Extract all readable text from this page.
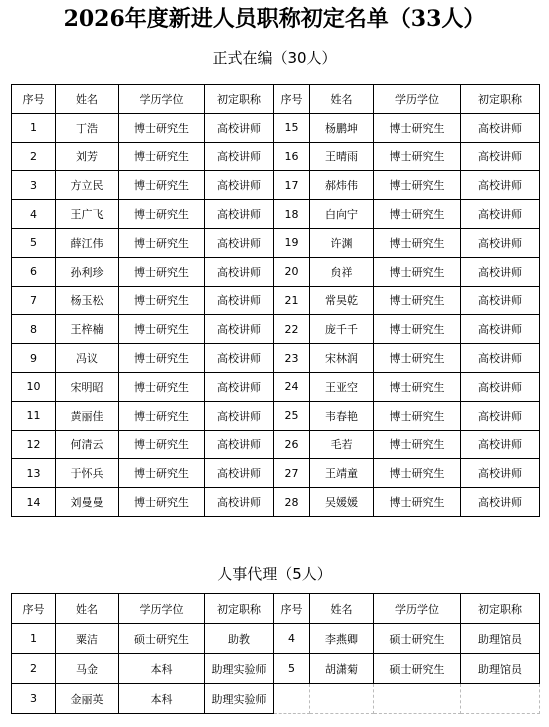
2026年度新进人员职称初定名单（33人）
正式在编（30人）
序号	姓名	学历学位	初定职称	序号	姓名	学历学位	初定职称
1	丁浩	博士研究生	高校讲师	15	杨鹏坤	博士研究生	高校讲师
2	刘芳	博士研究生	高校讲师	16	王晴雨	博士研究生	高校讲师
3	方立民	博士研究生	高校讲师	17	郝炜伟	博士研究生	高校讲师
4	王广飞	博士研究生	高校讲师	18	白向宁	博士研究生	高校讲师
5	薛江伟	博士研究生	高校讲师	19	许渊	博士研究生	高校讲师
6	孙利珍	博士研究生	高校讲师	20	贠祥	博士研究生	高校讲师
7	杨玉松	博士研究生	高校讲师	21	常昊乾	博士研究生	高校讲师
8	王梓楠	博士研究生	高校讲师	22	庞千千	博士研究生	高校讲师
9	冯议	博士研究生	高校讲师	23	宋林润	博士研究生	高校讲师
10	宋明昭	博士研究生	高校讲师	24	王亚空	博士研究生	高校讲师
11	黄丽佳	博士研究生	高校讲师	25	韦春艳	博士研究生	高校讲师
12	何清云	博士研究生	高校讲师	26	毛若	博士研究生	高校讲师
13	于怀兵	博士研究生	高校讲师	27	王靖童	博士研究生	高校讲师
14	刘曼曼	博士研究生	高校讲师	28	吴媛媛	博士研究生	高校讲师
人事代理（5人）
序号	姓名	学历学位	初定职称	序号	姓名	学历学位	初定职称
1	粟洁	硕士研究生	助教	4	李燕卿	硕士研究生	助理馆员
2	马金	本科	助理实验师	5	胡潇菊	硕士研究生	助理馆员
3	金丽英	本科	助理实验师				
